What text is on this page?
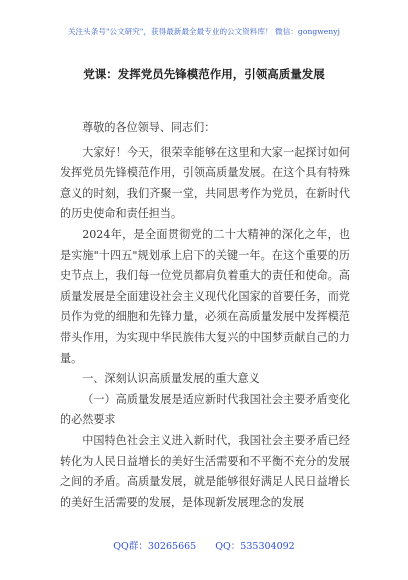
关注头条号"公文研究"，获得最新最全最专业的公文资料库！ 微信：gongwenyj
党课：发挥党员先锋模范作用，引领高质量发展

尊敬的各位领导、同志们：

大家好！今天，很荣幸能够在这里和大家一起探讨如何发挥党员先锋模范作用，引领高质量发展。在这个具有特殊意义的时刻，我们齐聚一堂，共同思考作为党员，在新时代的历史使命和责任担当。

2024年，是全面贯彻党的二十大精神的深化之年，也是实施"十四五"规划承上启下的关键一年。在这个重要的历史节点上，我们每一位党员都肩负着重大的责任和使命。高质量发展是全面建设社会主义现代化国家的首要任务，而党员作为党的细胞和先锋力量，必须在高质量发展中发挥模范带头作用，为实现中华民族伟大复兴的中国梦贡献自己的力量。

一、深刻认识高质量发展的重大意义

（一）高质量发展是适应新时代我国社会主要矛盾变化的必然要求

中国特色社会主义进入新时代，我国社会主要矛盾已经转化为人民日益增长的美好生活需要和不平衡不充分的发展之间的矛盾。高质量发展，就是能够很好满足人民日益增长的美好生活需要的发展，是体现新发展理念的发展

QQ群：30265665 QQ：535304092
